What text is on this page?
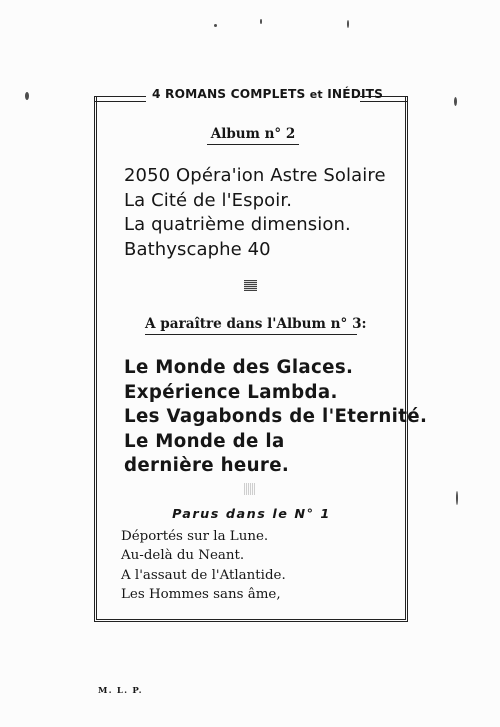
4 ROMANS COMPLETS et INÉDITS
Album n° 2
2050 Opéra'ion Astre Solaire
La Cité de l'Espoir.
La quatrième dimension.
Bathyscaphe 40
A paraître dans l'Album n° 3:
Le Monde des Glaces.
Expérience Lambda.
Les Vagabonds de l'Eternité.
Le Monde de la dernière heure.
Parus dans le N° 1
Déportés sur la Lune.
Au-delà du Neant.
A l'assaut de l'Atlantide.
Les Hommes sans âme,
M. L. P.
